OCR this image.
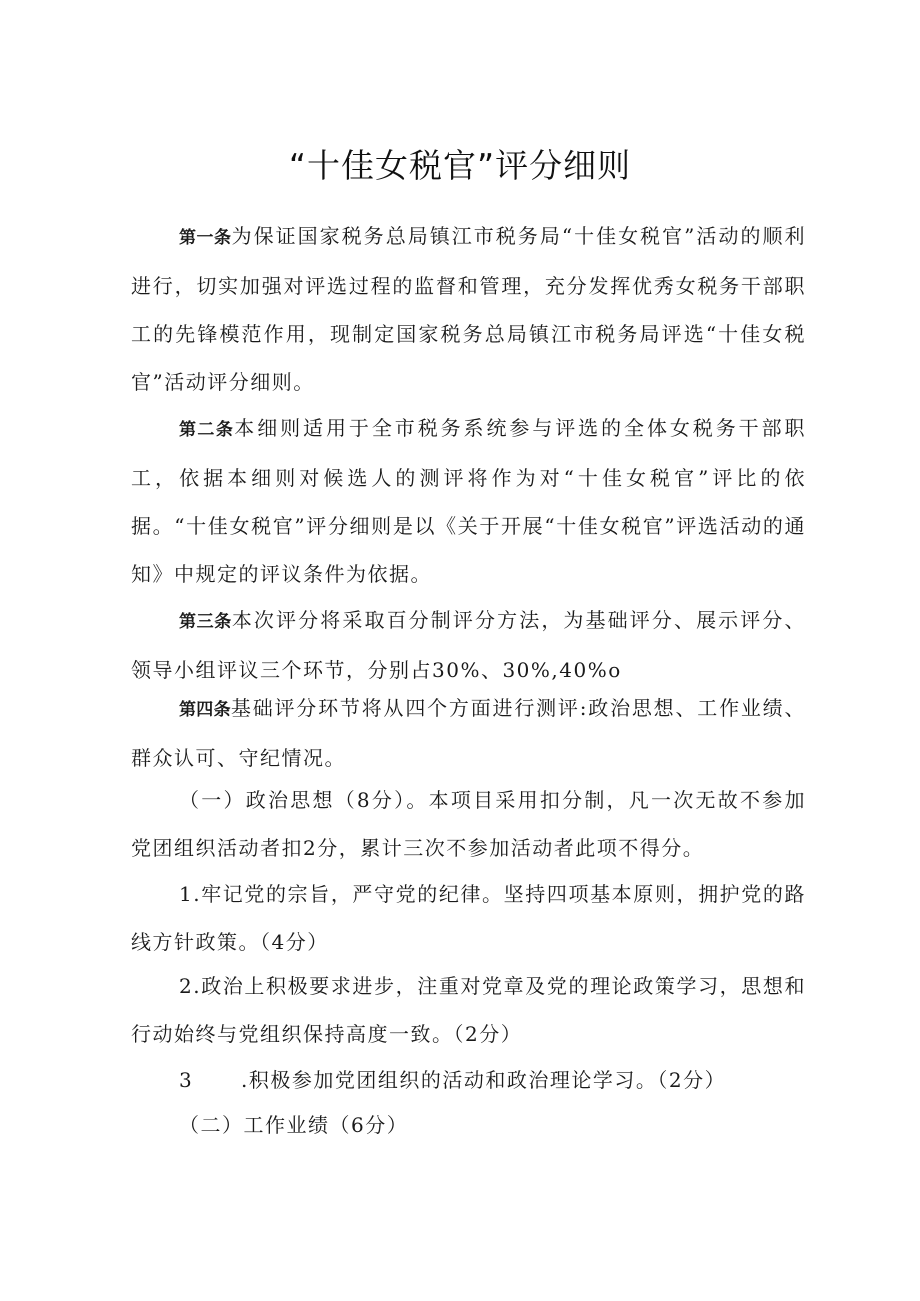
“十佳女税官”评分细则

第一条为保证国家税务总局镇江市税务局“十佳女税官”活动的顺利进行，切实加强对评选过程的监督和管理，充分发挥优秀女税务干部职工的先锋模范作用，现制定国家税务总局镇江市税务局评选“十佳女税官”活动评分细则。

第二条本细则适用于全市税务系统参与评选的全体女税务干部职工，依据本细则对候选人的测评将作为对“十佳女税官”评比的依据。“十佳女税官”评分细则是以《关于开展“十佳女税官”评选活动的通知》中规定的评议条件为依据。

第三条本次评分将采取百分制评分方法，为基础评分、展示评分、领导小组评议三个环节，分别占30%、30%,40%o

第四条基础评分环节将从四个方面进行测评:政治思想、工作业绩、群众认可、守纪情况。

（一）政治思想（8分）。本项目采用扣分制，凡一次无故不参加党团组织活动者扣2分，累计三次不参加活动者此项不得分。

1.牢记党的宗旨，严守党的纪律。坚持四项基本原则，拥护党的路线方针政策。（4分）

2.政治上积极要求进步，注重对党章及党的理论政策学习，思想和行动始终与党组织保持高度一致。（2分）

3 .积极参加党团组织的活动和政治理论学习。（2分）
（二）工作业绩（6分）
